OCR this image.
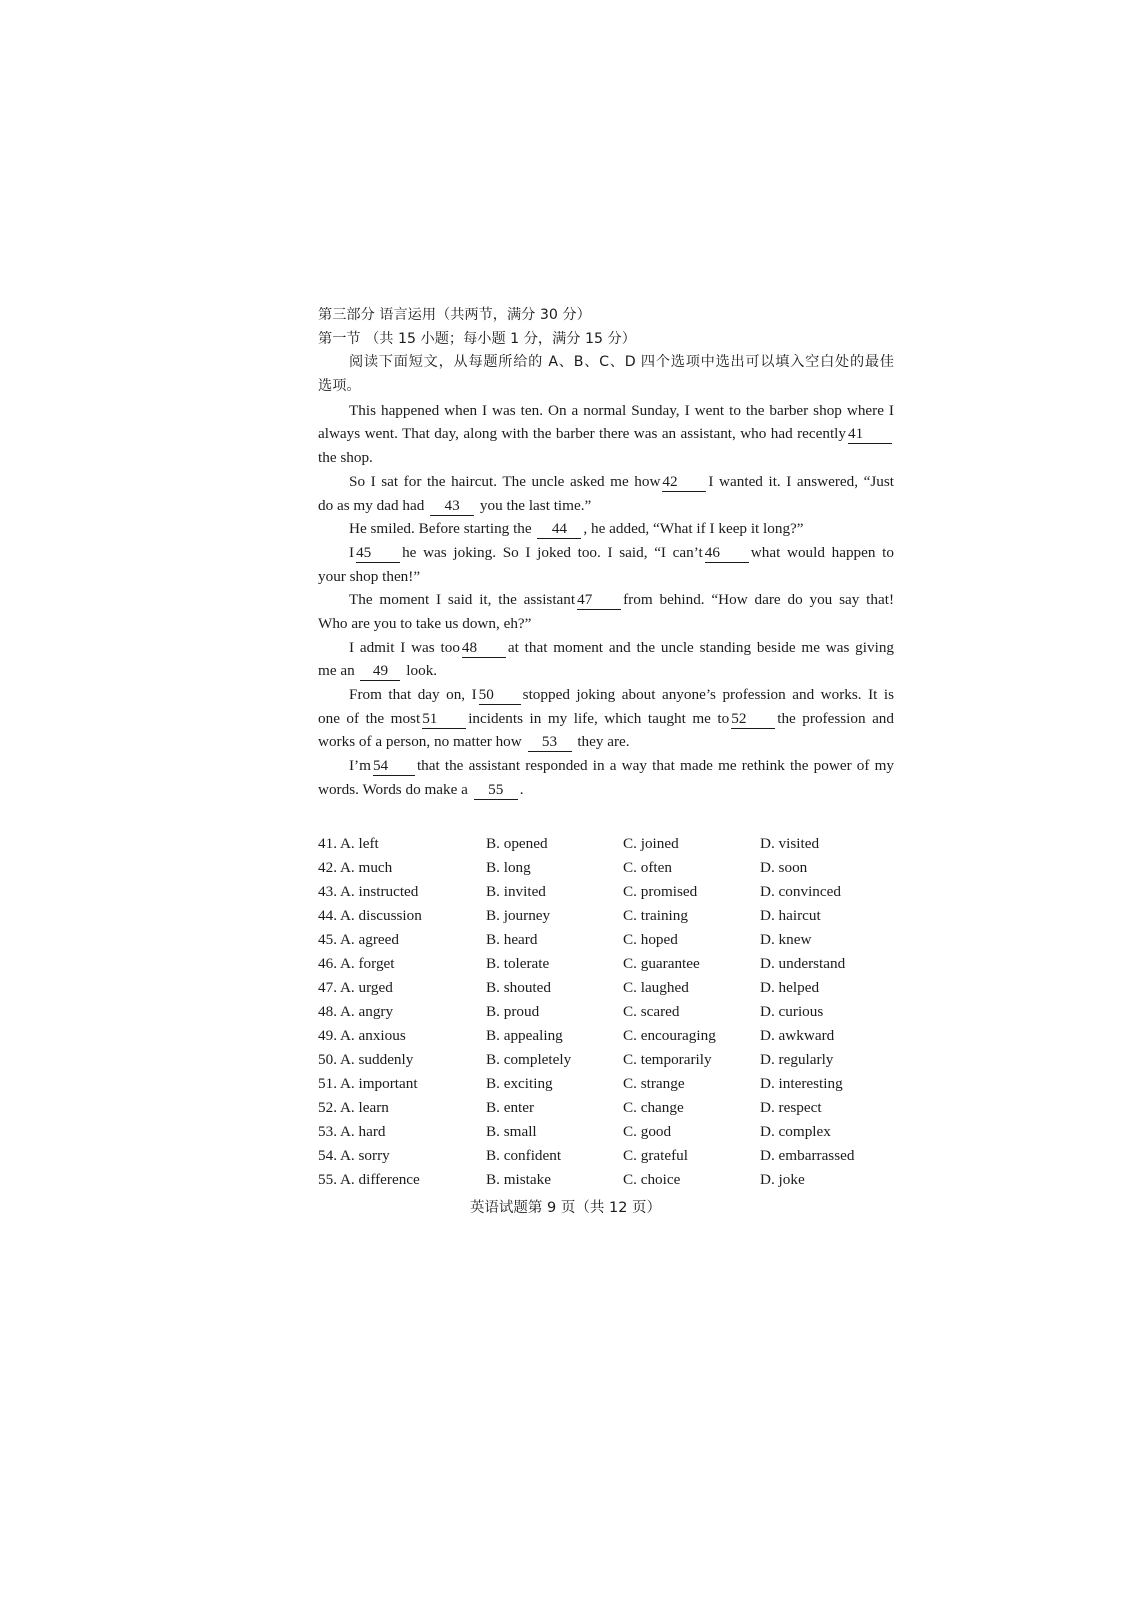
第三部分 语言运用（共两节，满分 30 分）
第一节 （共 15 小题；每小题 1 分，满分 15 分）
阅读下面短文，从每题所给的 A、B、C、D 四个选项中选出可以填入空白处的最佳
选项。
This happened when I was ten. On a normal Sunday, I went to the barber shop where I
always went. That day, along with the barber there was an assistant, who had recently 41
the shop.
So I sat for the haircut. The uncle asked me how 42 I wanted it. I answered, “Just
do as my dad had 43 you the last time.”
He smiled. Before starting the 44 , he added, “What if I keep it long?”
I 45 he was joking. So I joked too. I said, “I can’t 46 what would happen to
your shop then!”
The moment I said it, the assistant 47 from behind. “How dare do you say that!
Who are you to take us down, eh?”
I admit I was too 48 at that moment and the uncle standing beside me was giving
me an 49 look.
From that day on, I 50 stopped joking about anyone’s profession and works. It is
one of the most 51 incidents in my life, which taught me to 52 the profession and
works of a person, no matter how 53 they are.
I’m 54 that the assistant responded in a way that made me rethink the power of my
words. Words do make a 55 .
41. A. left	B. opened	C. joined	D. visited
42. A. much	B. long	C. often	D. soon
43. A. instructed	B. invited	C. promised	D. convinced
44. A. discussion	B. journey	C. training	D. haircut
45. A. agreed	B. heard	C. hoped	D. knew
46. A. forget	B. tolerate	C. guarantee	D. understand
47. A. urged	B. shouted	C. laughed	D. helped
48. A. angry	B. proud	C. scared	D. curious
49. A. anxious	B. appealing	C. encouraging	D. awkward
50. A. suddenly	B. completely	C. temporarily	D. regularly
51. A. important	B. exciting	C. strange	D. interesting
52. A. learn	B. enter	C. change	D. respect
53. A. hard	B. small	C. good	D. complex
54. A. sorry	B. confident	C. grateful	D. embarrassed
55. A. difference	B. mistake	C. choice	D. joke
英语试题第 9 页（共 12 页）
